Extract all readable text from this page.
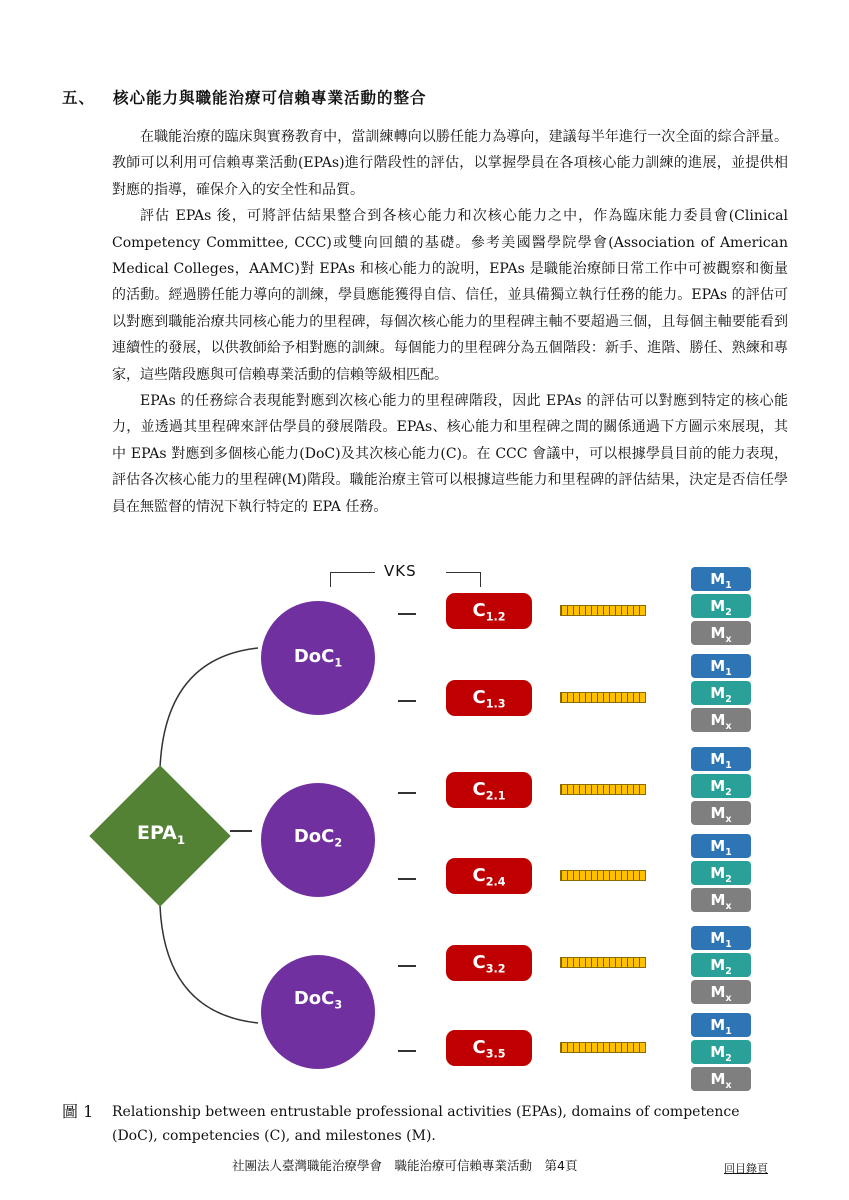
五、 核心能力與職能治療可信賴專業活動的整合

在職能治療的臨床與實務教育中，當訓練轉向以勝任能力為導向，建議每半年進行一次全面的綜合評量。教師可以利用可信賴專業活動(EPAs)進行階段性的評估，以掌握學員在各項核心能力訓練的進展，並提供相對應的指導，確保介入的安全性和品質。

評估 EPAs 後，可將評估結果整合到各核心能力和次核心能力之中，作為臨床能力委員會(Clinical Competency Committee, CCC)或雙向回饋的基礎。參考美國醫學院學會(Association of American Medical Colleges，AAMC)對 EPAs 和核心能力的說明，EPAs 是職能治療師日常工作中可被觀察和衡量的活動。經過勝任能力導向的訓練，學員應能獲得自信、信任，並具備獨立執行任務的能力。EPAs 的評估可以對應到職能治療共同核心能力的里程碑，每個次核心能力的里程碑主軸不要超過三個，且每個主軸要能看到連續性的發展，以供教師給予相對應的訓練。每個能力的里程碑分為五個階段：新手、進階、勝任、熟練和專家，這些階段應與可信賴專業活動的信賴等級相匹配。

EPAs 的任務綜合表現能對應到次核心能力的里程碑階段，因此 EPAs 的評估可以對應到特定的核心能力，並透過其里程碑來評估學員的發展階段。EPAs、核心能力和里程碑之間的關係通過下方圖示來展現，其中 EPAs 對應到多個核心能力(DoC)及其次核心能力(C)。在 CCC 會議中，可以根據學員目前的能力表現，評估各次核心能力的里程碑(M)階段。職能治療主管可以根據這些能力和里程碑的評估結果，決定是否信任學員在無監督的情況下執行特定的 EPA 任務。

VKS
$EPA_1$
DoC$_1$
DoC$_2$
DoC$_3$
$C_{1.2}$
$C_{1.3}$
$C_{2.1}$
$C_{2.4}$
$C_{3.2}$
$C_{3.5}$
$M_1$
$M_2$
$M_x$
$M_1$
$M_2$
$M_x$
$M_1$
$M_2$
$M_x$
$M_1$
$M_2$
$M_x$
$M_1$
$M_2$
$M_x$
$M_1$
$M_2$
$M_x$
圖 1 Relationship between entrustable professional activities (EPAs), domains of competence (DoC), competencies (C), and milestones (M).
社團法人臺灣職能治療學會　職能治療可信賴專業活動　第4頁	回目錄頁
